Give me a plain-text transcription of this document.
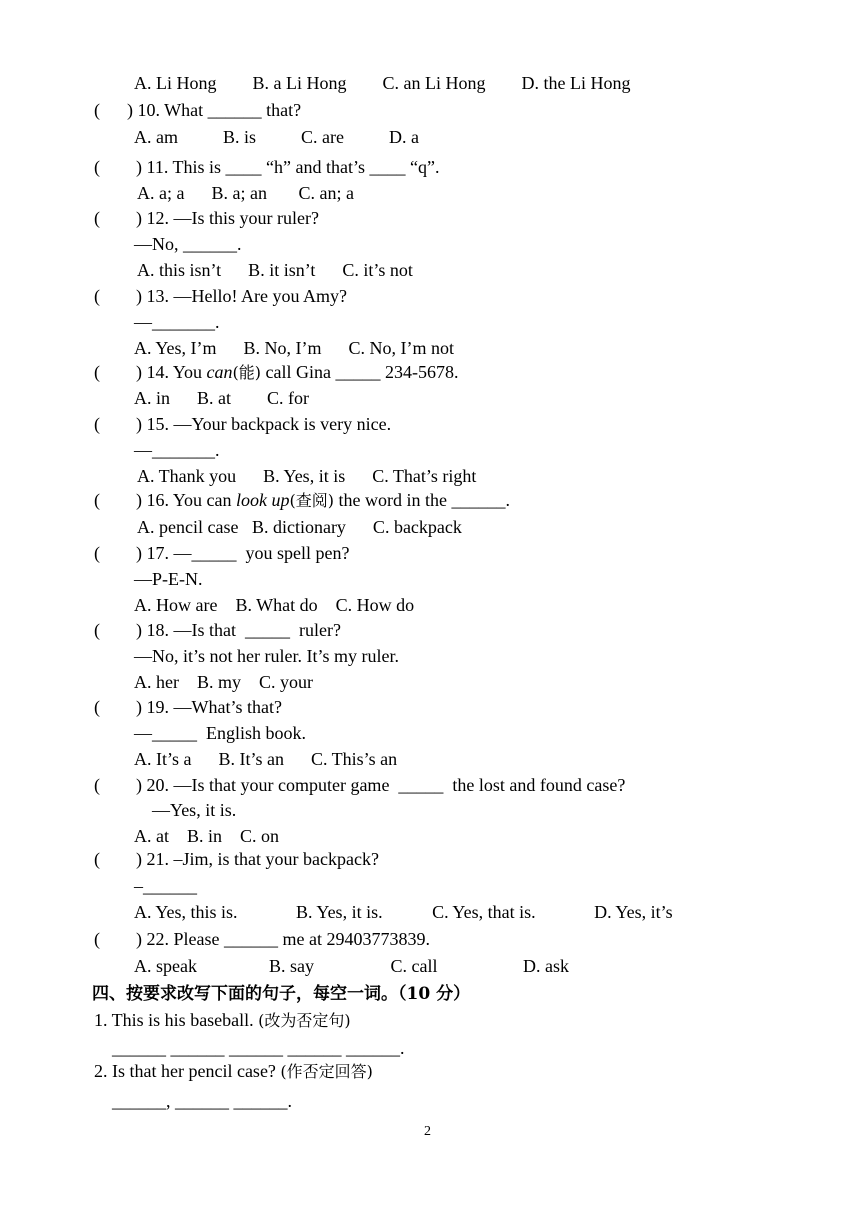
A. Li Hong        B. a Li Hong        C. an Li Hong        D. the Li Hong
(      ) 10. What ______ that?
A. am          B. is          C. are          D. a
(        ) 11. This is ____ “h” and that’s ____ “q”.
A. a; a      B. a; an       C. an; a
(        ) 12. —Is this your ruler?
—No, ______.
A. this isn’t      B. it isn’t      C. it’s not
(        ) 13. —Hello! Are you Amy?
—_______.
A. Yes, I’m      B. No, I’m      C. No, I’m not
(        ) 14. You can(能) call Gina _____ 234-5678.
A. in      B. at        C. for
(        ) 15. —Your backpack is very nice.
—_______.
A. Thank you      B. Yes, it is      C. That’s right
(        ) 16. You can look up(查阅) the word in the ______.
A. pencil case   B. dictionary      C. backpack
(        ) 17. —_____  you spell pen?
—P-E-N.
A. How are    B. What do    C. How do
(        ) 18. —Is that  _____  ruler?
—No, it’s not her ruler. It’s my ruler.
A. her    B. my    C. your
(        ) 19. —What’s that?
—_____  English book.
A. It’s a      B. It’s an      C. This’s an
(        ) 20. —Is that your computer game  _____  the lost and found case?
—Yes, it is.
A. at    B. in    C. on
(        ) 21. –Jim, is that your backpack?
–______
A. Yes, this is.             B. Yes, it is.           C. Yes, that is.             D. Yes, it’s
(        ) 22. Please ______ me at 29403773839.
A. speak                B. say                 C. call                   D. ask
四、按要求改写下面的句子，每空一词。（10 分）
1. This is his baseball. (改为否定句)
______ ______ ______ ______ ______.
2. Is that her pencil case? (作否定回答)
______, ______ ______.
2
